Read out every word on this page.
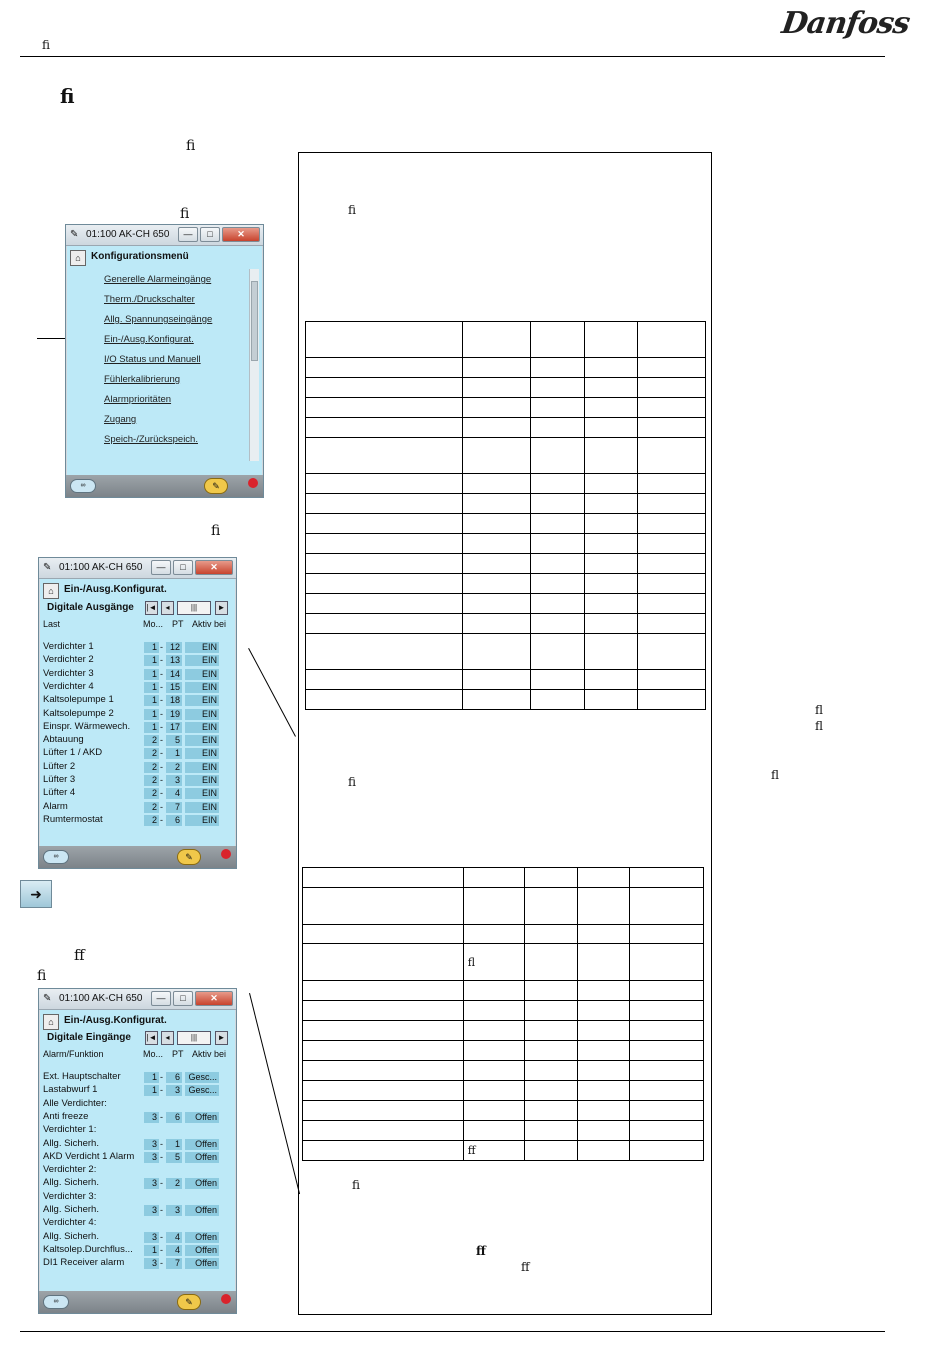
ﬁ
Danfoss
ﬁ
ﬁ
ﬁ
ﬁ
ﬀ
ﬁ
✎ 01:100 AK-CH 650	—	□	✕
⌂	Konfigurationsmenü
Generelle Alarmeingänge
Therm./Druckschalter
Allg. Spannungseingänge
Ein-/Ausg.Konfigurat.
I/O Status und Manuell
Fühlerkalibrierung
Alarmprioritäten
Zugang
Speich-/Zurückspeich.
∞	✎
✎ 01:100 AK-CH 650	—	□	✕
⌂	Ein-/Ausg.Konfigurat.
Digitale Ausgänge |◄	◂	|||	►
Last	Mo... PT Aktiv bei
Verdichter 1	1 - 12	EIN
Verdichter 2	1 - 13	EIN
Verdichter 3	1 - 14	EIN
Verdichter 4	1 - 15	EIN
Kaltsolepumpe 1	1 - 18	EIN
Kaltsolepumpe 2	1 - 19	EIN
Einspr. Wärmewech.	1 - 17	EIN
Abtauung	2 -	5	EIN
Lüfter 1 / AKD	2 -	1	EIN
Lüfter 2	2 -	2	EIN
Lüfter 3	2 -	3	EIN
Lüfter 4	2 -	4	EIN
Alarm	2 -	7	EIN
Rumtermostat	2 -	6	EIN
∞	✎
➜
✎ 01:100 AK-CH 650	—	□	✕
⌂	Ein-/Ausg.Konfigurat.
Digitale Eingänge |◄	◂	|||	►
Alarm/Funktion	Mo... PT Aktiv bei
Ext. Hauptschalter	1 -	6 Gesc...
Lastabwurf 1	1 -	3 Gesc...
Alle Verdichter:
Anti freeze	3 -	6	Offen
Verdichter 1:
Allg. Sicherh.	3 -	1	Offen
AKD Verdicht 1 Alarm	3 -	5	Offen
Verdichter 2:
Allg. Sicherh.	3 -	2	Offen
Verdichter 3:
Allg. Sicherh.	3 -	3	Offen
Verdichter 4:
Allg. Sicherh.	3 -	4	Offen
Kaltsolep.Durchflus...	1 -	4	Offen
DI1 Receiver alarm	3 -	7	Offen
∞	✎
ﬁ

ﬁ

	ﬂ			

	ﬀ			
ﬁ
ﬀ
ﬀ
ﬂ
ﬂ
ﬂ
